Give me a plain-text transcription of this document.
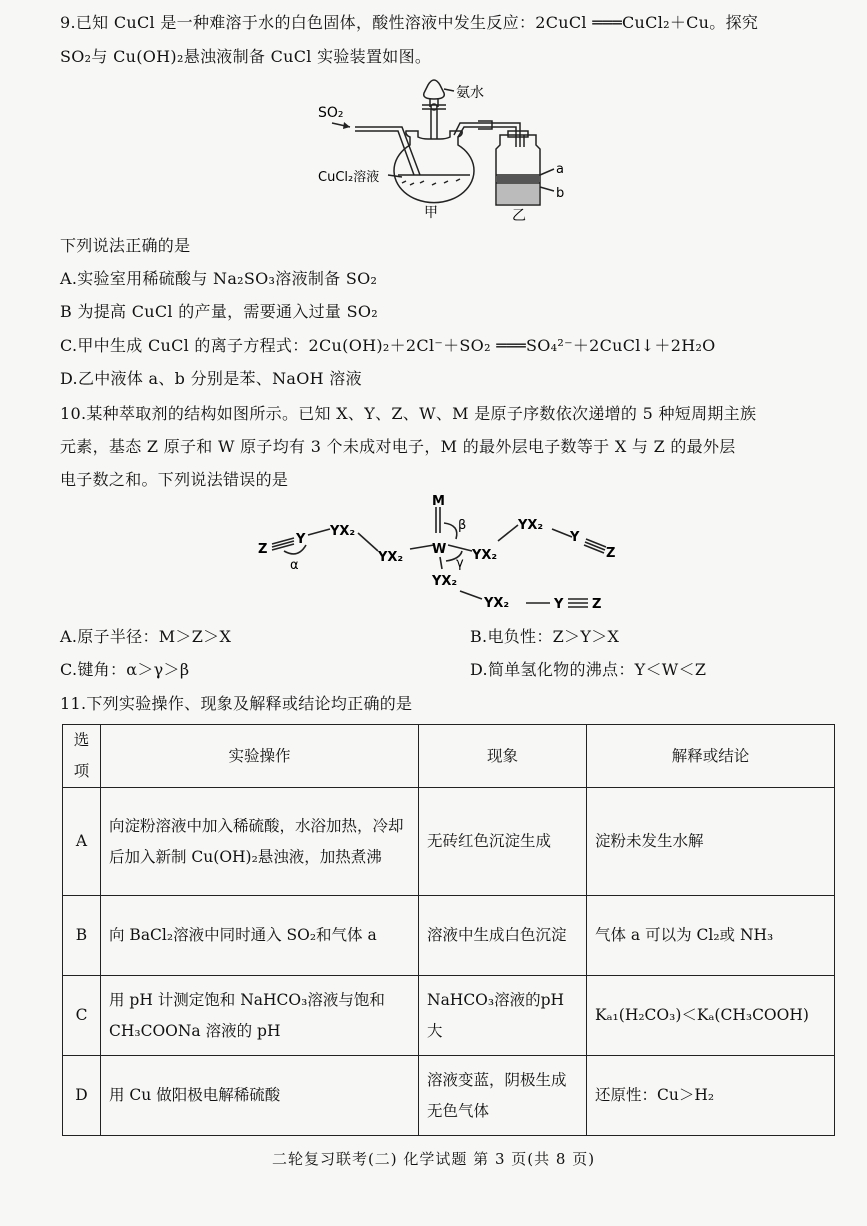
9.已知 CuCl 是一种难溶于水的白色固体，酸性溶液中发生反应：2CuCl ═══CuCl₂＋Cu。探究
SO₂与 Cu(OH)₂悬浊液制备 CuCl 实验装置如图。
SO₂
氨水
CuCl₂溶液
甲	乙
a
b
下列说法正确的是
A.实验室用稀硫酸与 Na₂SO₃溶液制备 SO₂
B 为提高 CuCl 的产量，需要通入过量 SO₂
C.甲中生成 CuCl 的离子方程式：2Cu(OH)₂＋2Cl⁻＋SO₂ ═══SO₄²⁻＋2CuCl↓＋2H₂O
D.乙中液体 a、b 分别是苯、NaOH 溶液
10.某种萃取剂的结构如图所示。已知 X、Y、Z、W、M 是原子序数依次递增的 5 种短周期主族
元素，基态 Z 原子和 W 原子均有 3 个未成对电子，M 的最外层电子数等于 X 与 Z 的最外层
电子数之和。下列说法错误的是
M
W
β
γ
α
Z
Y
YX₂
YX₂	YX₂
YX₂
Y
Z
YX₂
YX₂	Y Z
A.原子半径：M＞Z＞X	B.电负性：Z＞Y＞X
C.键角：α＞γ＞β	D.简单氢化物的沸点：Y＜W＜Z
11.下列实验操作、现象及解释或结论均正确的是
选项	实验操作	现象	解释或结论
A	向淀粉溶液中加入稀硫酸，水浴加热，冷却后加入新制 Cu(OH)₂悬浊液，加热煮沸	无砖红色沉淀生成	淀粉未发生水解
B	向 BaCl₂溶液中同时通入 SO₂和气体 a	溶液中生成白色沉淀	气体 a 可以为 Cl₂或 NH₃
C	用 pH 计测定饱和 NaHCO₃溶液与饱和CH₃COONa 溶液的 pH	NaHCO₃溶液的pH 大	Kₐ₁(H₂CO₃)＜Kₐ(CH₃COOH)
D	用 Cu 做阳极电解稀硫酸	溶液变蓝，阴极生成无色气体	还原性：Cu＞H₂
二轮复习联考(二) 化学试题 第 3 页(共 8 页)
